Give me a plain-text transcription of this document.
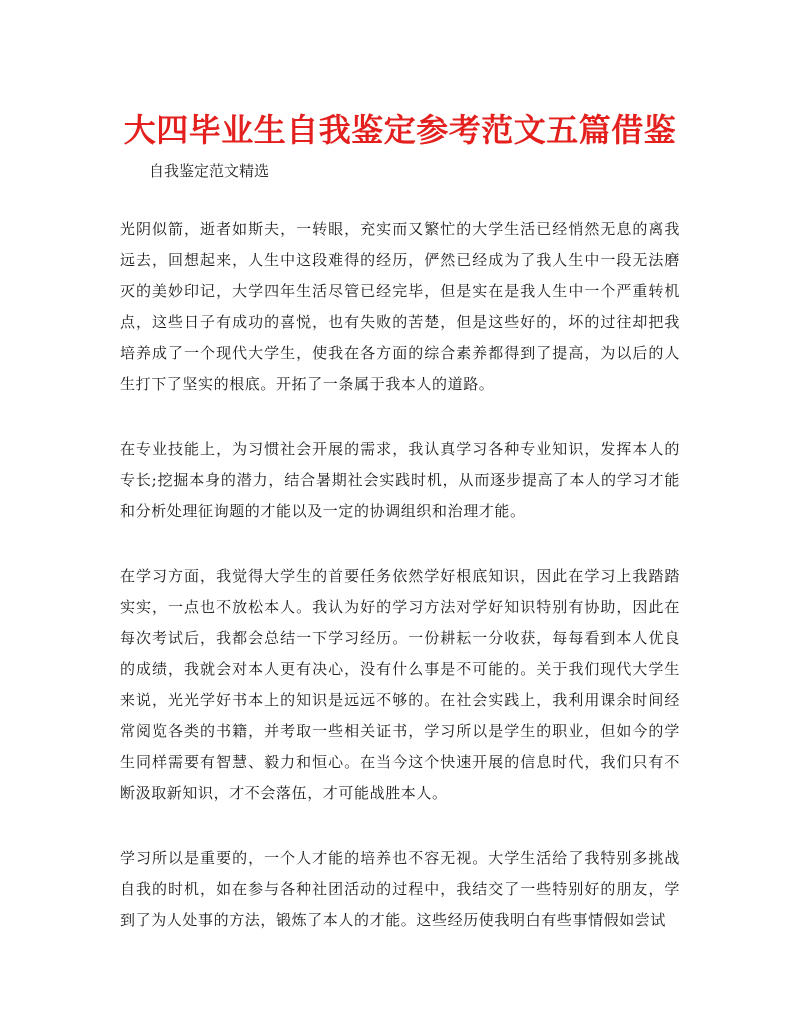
大四毕业生自我鉴定参考范文五篇借鉴
自我鉴定范文精选

光阴似箭，逝者如斯夫，一转眼，充实而又繁忙的大学生活已经悄然无息的离我远去，回想起来，人生中这段难得的经历，俨然已经成为了我人生中一段无法磨灭的美妙印记，大学四年生活尽管已经完毕，但是实在是我人生中一个严重转机点，这些日子有成功的喜悦，也有失败的苦楚，但是这些好的，坏的过往却把我培养成了一个现代大学生，使我在各方面的综合素养都得到了提高，为以后的人生打下了坚实的根底。开拓了一条属于我本人的道路。

在专业技能上，为习惯社会开展的需求，我认真学习各种专业知识，发挥本人的专长;挖掘本身的潜力，结合暑期社会实践时机，从而逐步提高了本人的学习才能和分析处理征询题的才能以及一定的协调组织和治理才能。

在学习方面，我觉得大学生的首要任务依然学好根底知识，因此在学习上我踏踏实实，一点也不放松本人。我认为好的学习方法对学好知识特别有协助，因此在每次考试后，我都会总结一下学习经历。一份耕耘一分收获，每每看到本人优良的成绩，我就会对本人更有决心，没有什么事是不可能的。关于我们现代大学生来说，光光学好书本上的知识是远远不够的。在社会实践上，我利用课余时间经常阅览各类的书籍，并考取一些相关证书，学习所以是学生的职业，但如今的学生同样需要有智慧、毅力和恒心。在当今这个快速开展的信息时代，我们只有不断汲取新知识，才不会落伍，才可能战胜本人。

学习所以是重要的，一个人才能的培养也不容无视。大学生活给了我特别多挑战自我的时机，如在参与各种社团活动的过程中，我结交了一些特别好的朋友，学到了为人处事的方法，锻炼了本人的才能。这些经历使我明白有些事情假如尝试
